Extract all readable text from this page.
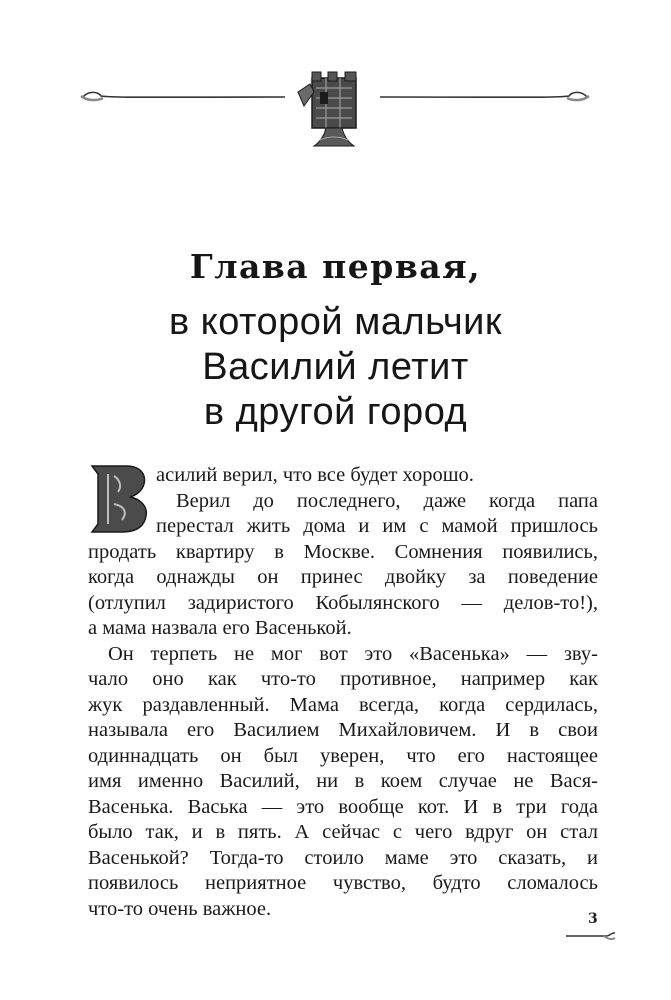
Глава первая,
в которой мальчик
Василий летит
в другой город
асилий верил, что все будет хорошо.
Верил до последнего, даже когда папа
перестал жить дома и им с мамой пришлось
продать квартиру в Москве. Сомнения появились,
когда однажды он принес двойку за поведение
(отлупил задиристого Кобылянского — делов-то!),
а мама назвала его Васенькой.
Он терпеть не мог вот это «Васенька» — зву-
чало оно как что-то противное, например как
жук раздавленный. Мама всегда, когда сердилась,
называла его Василием Михайловичем. И в свои
одиннадцать он был уверен, что его настоящее
имя именно Василий, ни в коем случае не Вася-
Васенька. Васька — это вообще кот. И в три года
было так, и в пять. А сейчас с чего вдруг он стал
Васенькой? Тогда-то стоило маме это сказать, и
появилось неприятное чувство, будто сломалось
что-то очень важное.	3
